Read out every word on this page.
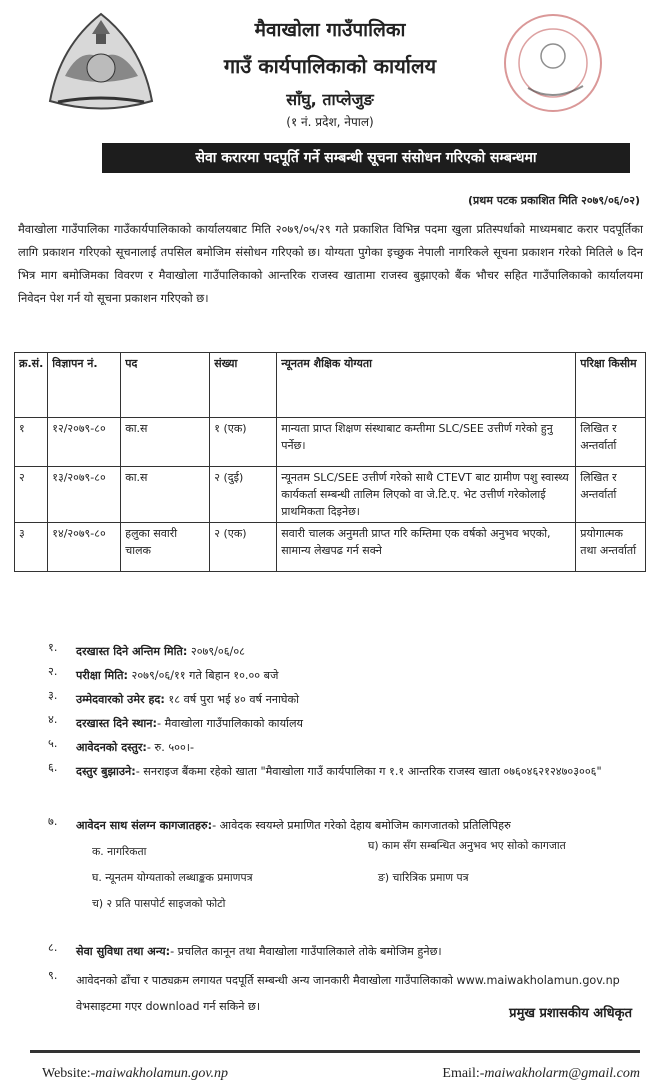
मैवाखोला गाउँपालिका
गाउँ कार्यपालिकाको कार्यालय
साँघु, ताप्लेजुङ
(१ नं. प्रदेश, नेपाल)
सेवा करारमा पदपूर्ति गर्ने सम्बन्धी सूचना संसोधन गरिएको सम्बन्धमा
(प्रथम पटक प्रकाशित मिति २०७९/०६/०२)
मैवाखोला गाउँपालिका गाउँकार्यपालिकाको कार्यालयबाट मिति २०७९/०५/२९ गते प्रकाशित विभिन्न पदमा खुला प्रतिस्पर्धाको माध्यमबाट करार पदपूर्तिका लागि प्रकाशन गरिएको सूचनालाई तपसिल बमोजिम संसोधन गरिएको छ। योग्यता पुगेका इच्छुक नेपाली नागरिकले सूचना प्रकाशन गरेको मितिले ७ दिन भित्र माग बमोजिमका विवरण र मैवाखोला गाउँपालिकाको आन्तरिक राजस्व खातामा राजस्व बुझाएको बैंक भौचर सहित गाउँपालिकाको कार्यालयमा निवेदन पेश गर्न यो सूचना प्रकाशन गरिएको छ।
क्र.सं.	विज्ञापन नं.	पद	संख्या	न्यूनतम शैक्षिक योग्यता	परिक्षा किसीम
१	१२/२०७९-८०	का.स	१ (एक)	मान्यता प्राप्त शिक्षण संस्थाबाट कम्तीमा SLC/SEE उत्तीर्ण गरेको हुनु पर्नेछ।	लिखित र अन्तर्वार्ता
२	१३/२०७९-८०	का.स	२ (दुई)	न्यूनतम SLC/SEE उत्तीर्ण गरेको साथै CTEVT बाट ग्रामीण पशु स्वास्थ्य कार्यकर्ता सम्बन्धी तालिम लिएको वा जे.टि.ए. भेट उत्तीर्ण गरेकोलाई प्राथमिकता दिइनेछ।	लिखित र अन्तर्वार्ता
३	१४/२०७९-८०	हलुका सवारी चालक	२ (एक)	सवारी चालक अनुमती प्राप्त गरि कम्तिमा एक वर्षको अनुभव भएको, सामान्य लेखपढ गर्न सक्ने	प्रयोगात्मक तथा अन्तर्वार्ता
१.	दरखास्त दिने अन्तिम मिति: २०७९/०६/०८
२.	परीक्षा मिति: २०७९/०६/११ गते बिहान १०.०० बजे
३.	उम्मेदवारको उमेर हद: १८ वर्ष पुरा भई ४० वर्ष ननाघेको
४.	दरखास्त दिने स्थान:- मैवाखोला गाउँपालिकाको कार्यालय
५.	आवेदनको दस्तुर:- रु. ५००।-
६.	दस्तुर बुझाउने:- सनराइज बैंकमा रहेको खाता "मैवाखोला गाउँ कार्यपालिका ग १.१ आन्तरिक राजस्व खाता ०७६०४६२१२४७०३००६"
७.	आवेदन साथ संलग्न कागजातहरु:- आवेदक स्वयम्ले प्रमाणित गरेको देहाय बमोजिम कागजातको प्रतिलिपिहरु
क. नागरिकता	घ) काम सँग सम्बन्धित अनुभव भए सोको कागजात
घ. न्यूनतम योग्यताको लब्धाङ्कक प्रमाणपत्र	ङ) चारित्रिक प्रमाण पत्र
च) २ प्रति पासपोर्ट साइजको फोटो
८.	सेवा सुविधा तथा अन्य:- प्रचलित कानून तथा मैवाखोला गाउँपालिकाले तोके बमोजिम हुनेछ।
९.	आवेदनको ढाँचा र पाठ्यक्रम लगायत पदपूर्ति सम्बन्धी अन्य जानकारी मैवाखोला गाउँपालिकाको www.maiwakholamun.gov.np वेभसाइटमा गएर download गर्न सकिने छ।	प्रमुख प्रशासकीय अधिकृत
Website:-maiwakholamun.gov.np	Email:-maiwakholarm@gmail.com
